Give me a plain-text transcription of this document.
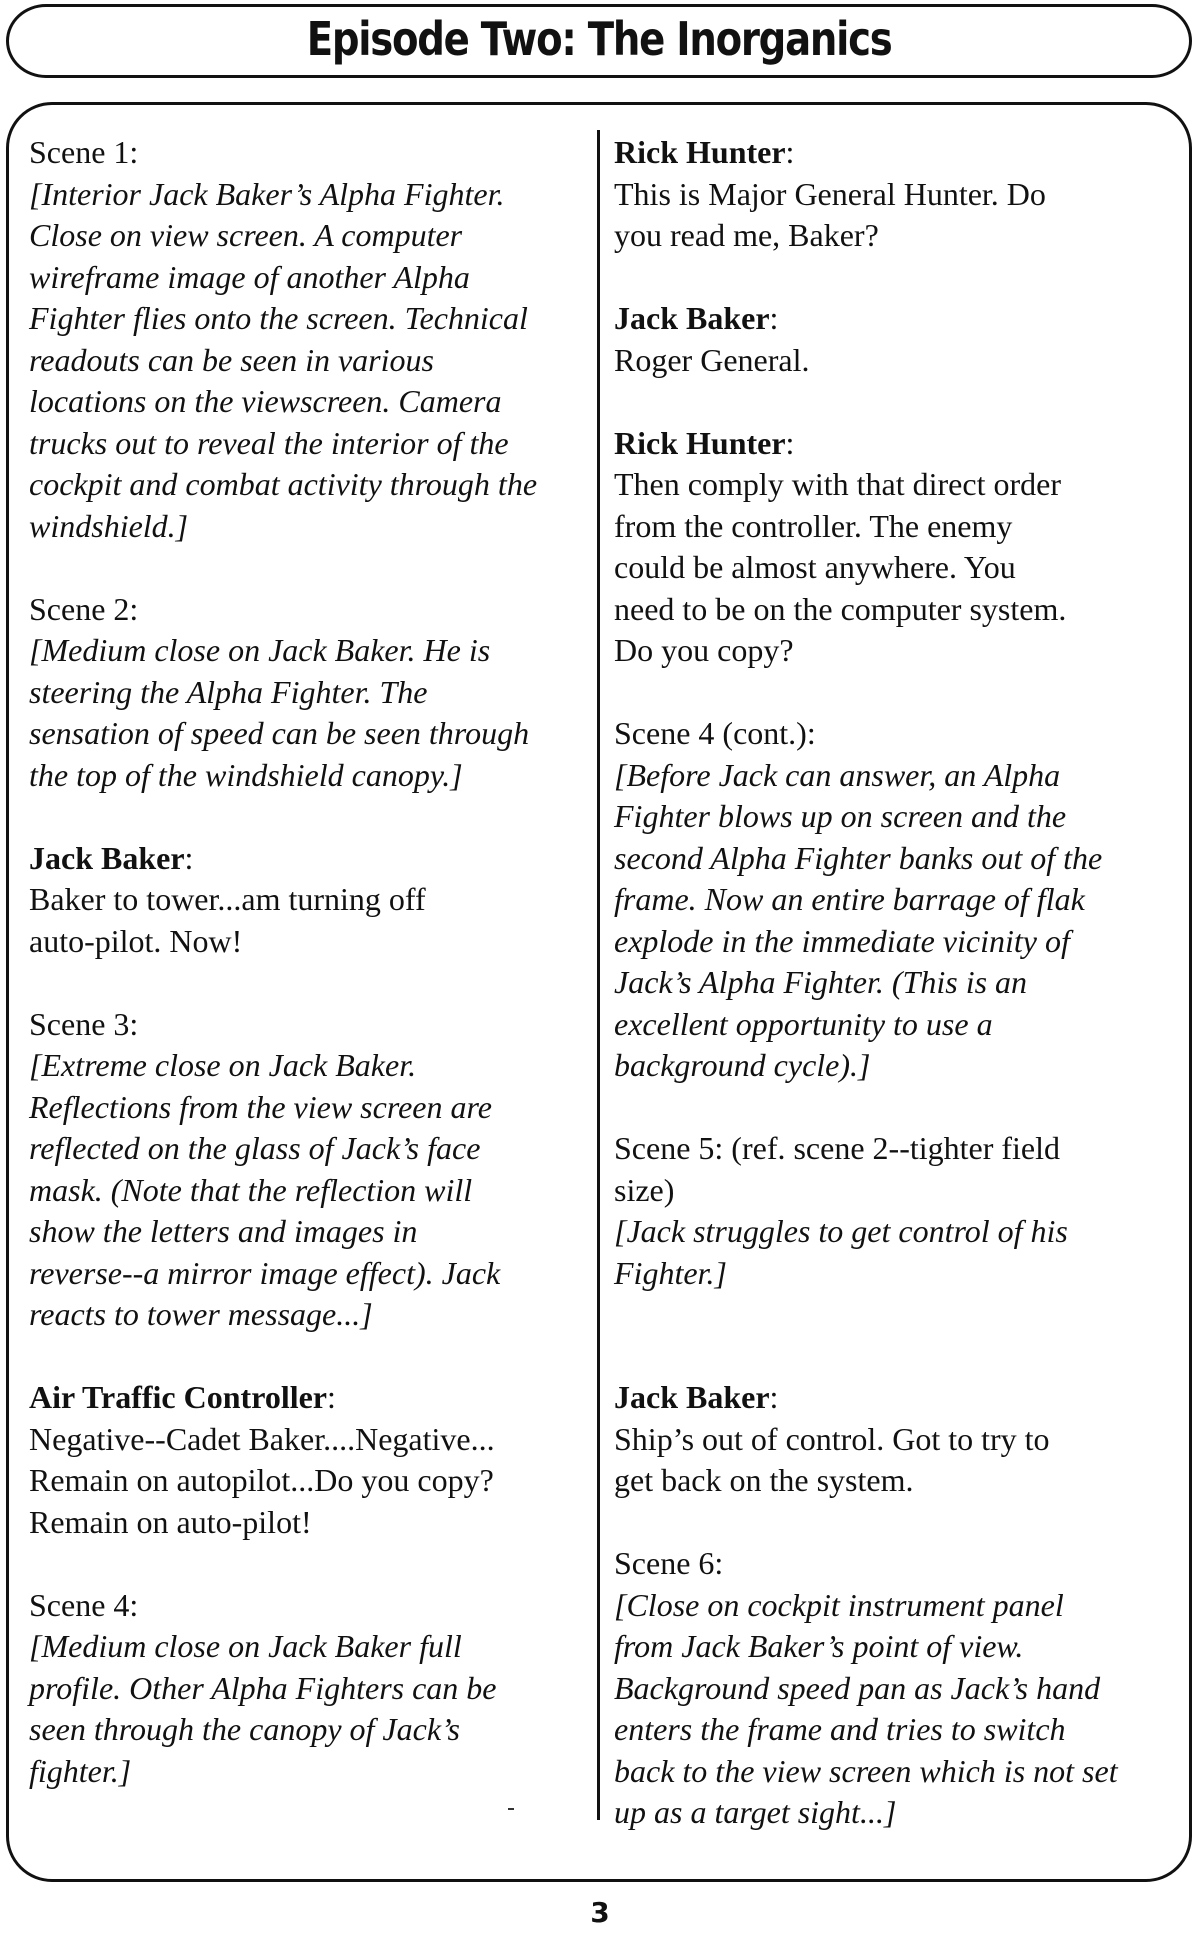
Episode Two: The Inorganics
Scene 1:
[Interior Jack Baker’s Alpha Fighter.
Close on view screen. A computer
wireframe image of another Alpha
Fighter flies onto the screen. Technical
readouts can be seen in various
locations on the viewscreen. Camera
trucks out to reveal the interior of the
cockpit and combat activity through the
windshield.]
Scene 2:
[Medium close on Jack Baker. He is
steering the Alpha Fighter. The
sensation of speed can be seen through
the top of the windshield canopy.]
Jack Baker:
Baker to tower...am turning off
auto-pilot. Now!
Scene 3:
[Extreme close on Jack Baker.
Reflections from the view screen are
reflected on the glass of Jack’s face
mask. (Note that the reflection will
show the letters and images in
reverse--a mirror image effect). Jack
reacts to tower message...]
Air Traffic Controller:
Negative--Cadet Baker....Negative...
Remain on autopilot...Do you copy?
Remain on auto-pilot!
Scene 4:
[Medium close on Jack Baker full
profile. Other Alpha Fighters can be
seen through the canopy of Jack’s
fighter.]
Rick Hunter:
This is Major General Hunter. Do
you read me, Baker?
Jack Baker:
Roger General.
Rick Hunter:
Then comply with that direct order
from the controller. The enemy
could be almost anywhere. You
need to be on the computer system.
Do you copy?
Scene 4 (cont.):
[Before Jack can answer, an Alpha
Fighter blows up on screen and the
second Alpha Fighter banks out of the
frame. Now an entire barrage of flak
explode in the immediate vicinity of
Jack’s Alpha Fighter. (This is an
excellent opportunity to use a
background cycle).]
Scene 5: (ref. scene 2--tighter field
size)
[Jack struggles to get control of his
Fighter.]
Jack Baker:
Ship’s out of control. Got to try to
get back on the system.
Scene 6:
[Close on cockpit instrument panel
from Jack Baker’s point of view.
Background speed pan as Jack’s hand
enters the frame and tries to switch
back to the view screen which is not set
up as a target sight...]
3
